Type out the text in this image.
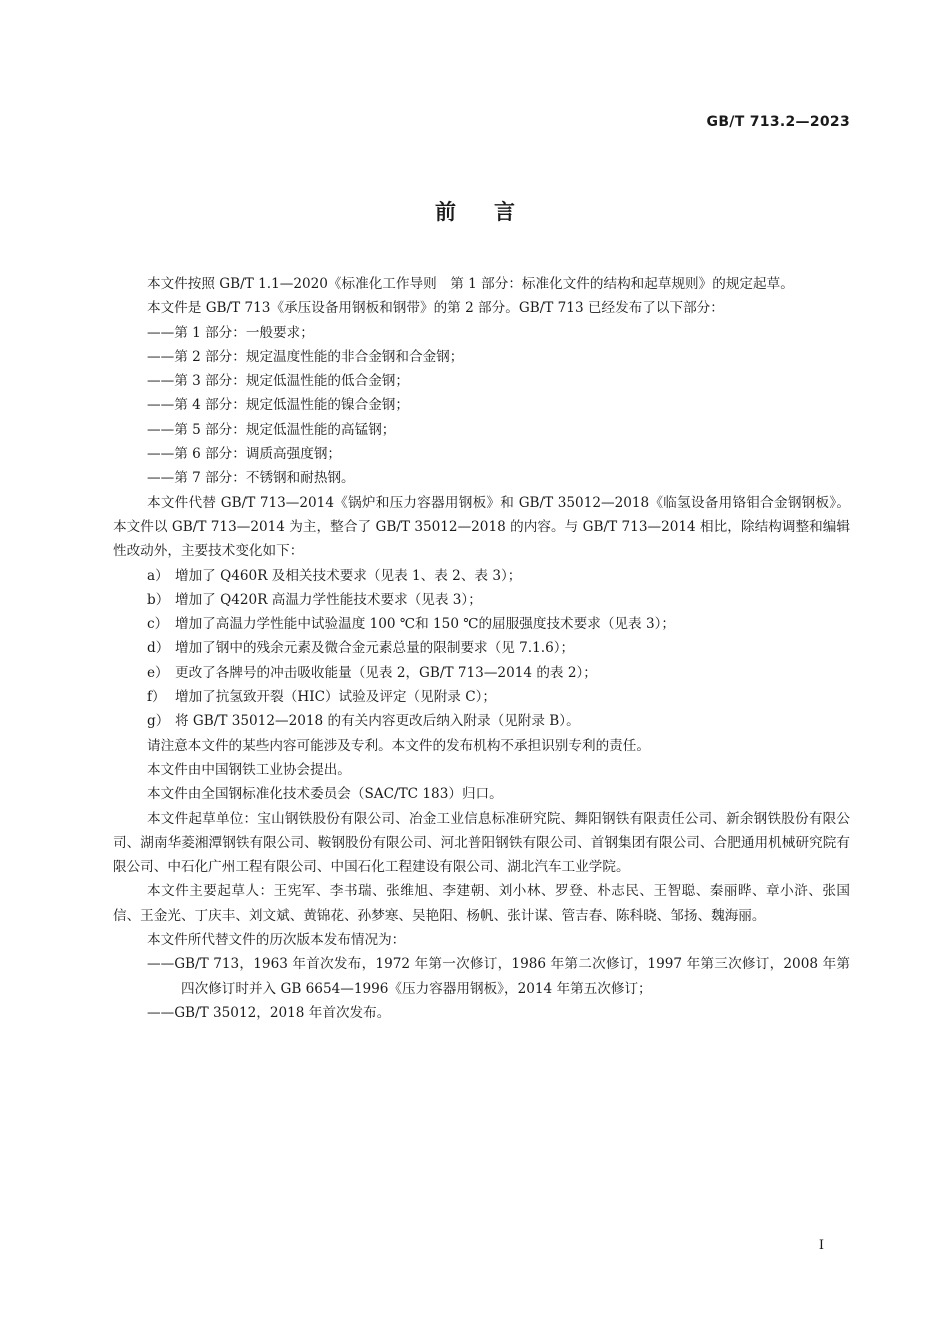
GB/T 713.2—2023
前言

本文件按照 GB/T 1.1—2020《标准化工作导则　第 1 部分：标准化文件的结构和起草规则》的规定起草。

本文件是 GB/T 713《承压设备用钢板和钢带》的第 2 部分。GB/T 713 已经发布了以下部分：

——第 1 部分：一般要求；

——第 2 部分：规定温度性能的非合金钢和合金钢；

——第 3 部分：规定低温性能的低合金钢；

——第 4 部分：规定低温性能的镍合金钢；

——第 5 部分：规定低温性能的高锰钢；

——第 6 部分：调质高强度钢；

——第 7 部分：不锈钢和耐热钢。

本文件代替 GB/T 713—2014《锅炉和压力容器用钢板》和 GB/T 35012—2018《临氢设备用铬钼合金钢钢板》。本文件以 GB/T 713—2014 为主，整合了 GB/T 35012—2018 的内容。与 GB/T 713—2014 相比，除结构调整和编辑性改动外，主要技术变化如下：

a） 增加了 Q460R 及相关技术要求（见表 1、表 2、表 3）；

b） 增加了 Q420R 高温力学性能技术要求（见表 3）；

c） 增加了高温力学性能中试验温度 100 ℃和 150 ℃的屈服强度技术要求（见表 3）；

d） 增加了钢中的残余元素及微合金元素总量的限制要求（见 7.1.6）；

e） 更改了各牌号的冲击吸收能量（见表 2，GB/T 713—2014 的表 2）；

f） 增加了抗氢致开裂（HIC）试验及评定（见附录 C）；

g） 将 GB/T 35012—2018 的有关内容更改后纳入附录（见附录 B）。

请注意本文件的某些内容可能涉及专利。本文件的发布机构不承担识别专利的责任。

本文件由中国钢铁工业协会提出。

本文件由全国钢标准化技术委员会（SAC/TC 183）归口。

本文件起草单位：宝山钢铁股份有限公司、冶金工业信息标准研究院、舞阳钢铁有限责任公司、新余钢铁股份有限公司、湖南华菱湘潭钢铁有限公司、鞍钢股份有限公司、河北普阳钢铁有限公司、首钢集团有限公司、合肥通用机械研究院有限公司、中石化广州工程有限公司、中国石化工程建设有限公司、湖北汽车工业学院。

本文件主要起草人：王宪军、李书瑞、张维旭、李建朝、刘小林、罗登、朴志民、王智聪、秦丽晔、章小浒、张国信、王金光、丁庆丰、刘文斌、黄锦花、孙梦寒、吴艳阳、杨帆、张计谋、管吉春、陈科晓、邹扬、魏海丽。

本文件所代替文件的历次版本发布情况为：

——GB/T 713，1963 年首次发布，1972 年第一次修订，1986 年第二次修订，1997 年第三次修订，2008 年第四次修订时并入 GB 6654—1996《压力容器用钢板》，2014 年第五次修订；

——GB/T 35012，2018 年首次发布。

I
